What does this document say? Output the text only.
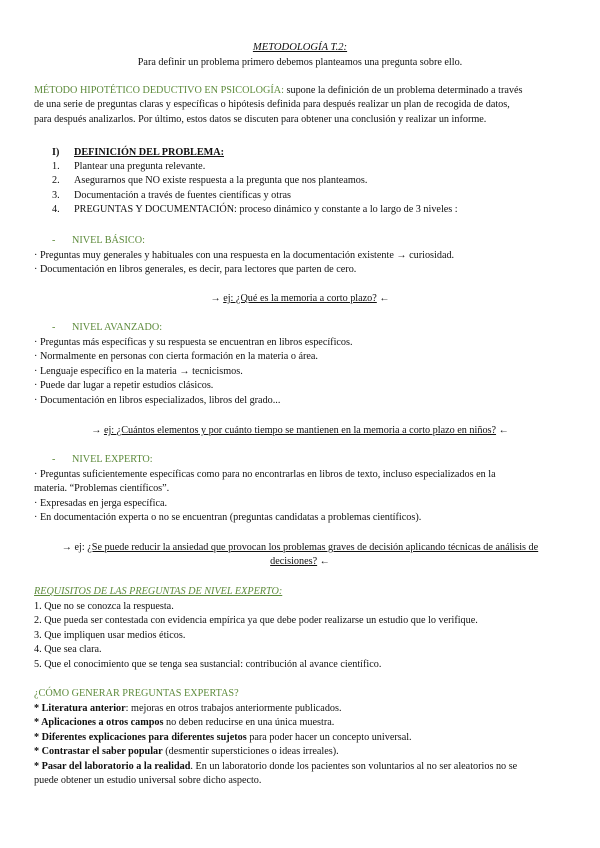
METODOLOGÍA T.2:
Para definir un problema primero debemos planteamos una pregunta sobre ello.
MÉTODO HIPOTÉTICO DEDUCTIVO EN PSICOLOGÍA: supone la definición de un problema determinado a través
de una serie de preguntas claras y específicas o hipótesis definida para después realizar un plan de recogida de datos,
para después analizarlos. Por último, estos datos se discuten para obtener una conclusión y realizar un informe.
I) DEFINICIÓN DEL PROBLEMA:
1. Plantear una pregunta relevante.
2. Asegurarnos que NO existe respuesta a la pregunta que nos planteamos.
3. Documentación a través de fuentes científicas y otras
4. PREGUNTAS Y DOCUMENTACIÓN: proceso dinámico y constante a lo largo de 3 niveles :
- NIVEL BÁSICO:
· Preguntas muy generales y habituales con una respuesta en la documentación existente → curiosidad.
· Documentación en libros generales, es decir, para lectores que parten de cero.
→ ej: ¿Qué es la memoria a corto plazo? ←
- NIVEL AVANZADO:
· Preguntas más específicas y su respuesta se encuentran en libros específicos.
· Normalmente en personas con cierta formación en la materia o área.
· Lenguaje específico en la materia → tecnicismos.
· Puede dar lugar a repetir estudios clásicos.
· Documentación en libros especializados, libros del grado...
→ ej: ¿Cuántos elementos y por cuánto tiempo se mantienen en la memoria a corto plazo en niños? ←
- NIVEL EXPERTO:
· Preguntas suficientemente específicas como para no encontrarlas en libros de texto, incluso especializados en la
materia. “Problemas científicos”.
· Expresadas en jerga específica.
· En documentación experta o no se encuentran (preguntas candidatas a problemas científicos).
→ ej: ¿Se puede reducir la ansiedad que provocan los problemas graves de decisión aplicando técnicas de análisis de
decisiones? ←
REQUISITOS DE LAS PREGUNTAS DE NIVEL EXPERTO:
1. Que no se conozca la respuesta.
2. Que pueda ser contestada con evidencia empírica ya que debe poder realizarse un estudio que lo verifique.
3. Que impliquen usar medios éticos.
4. Que sea clara.
5. Que el conocimiento que se tenga sea sustancial: contribución al avance científico.
¿CÓMO GENERAR PREGUNTAS EXPERTAS?
* Literatura anterior: mejoras en otros trabajos anteriormente publicados.
* Aplicaciones a otros campos no deben reducirse en una única muestra.
* Diferentes explicaciones para diferentes sujetos para poder hacer un concepto universal.
* Contrastar el saber popular (desmentir supersticiones o ideas irreales).
* Pasar del laboratorio a la realidad. En un laboratorio donde los pacientes son voluntarios al no ser aleatorios no se
puede obtener un estudio universal sobre dicho aspecto.
